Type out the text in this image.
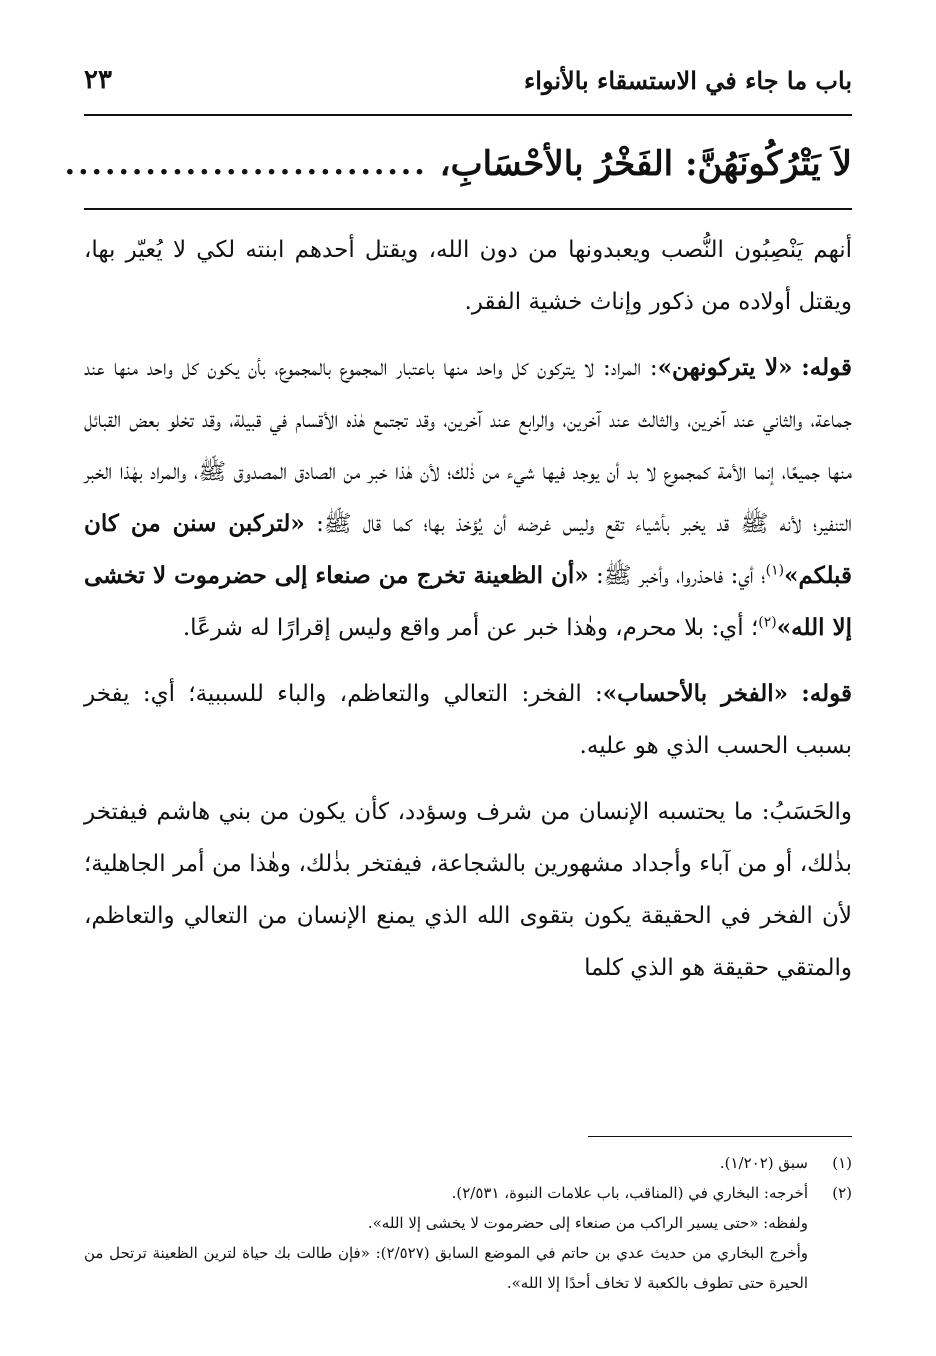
باب ما جاء في الاستسقاء بالأنواء
٢٣
لاَ يَتْرُكُونَهُنَّ: الفَخْرُ بالأحْسَابِ،
...........................

أنهم يَنْصِبُون النُّصب ويعبدونها من دون الله، ويقتل أحدهم ابنته لكي لا يُعيّر بها، ويقتل أولاده من ذكور وإناث خشية الفقر.

قوله: «لا يتركونهن»: المراد: لا يتركون كل واحد منها باعتبار المجموع بالمجموع، بأن يكون كل واحد منها عند جماعة، والثاني عند آخرين، والثالث عند آخرين، والرابع عند آخرين، وقد تجتمع هٰذه الأقسام في قبيلة، وقد تخلو بعض القبائل منها جميعًا، إنما الأمة كمجموع لا بد أن يوجد فيها شيء من ذٰلك؛ لأن هٰذا خبر من الصادق المصدوق ﷺ، والمراد بهٰذا الخبر التنفير؛ لأنه ﷺ قد يخبر بأشياء تقع وليس غرضه أن يُؤخذ بها؛ كما قال ﷺ: «لتركبن سنن من كان قبلكم»$^{(١)}$؛ أي: فاحذروا، وأخبر ﷺ: «أن الظعينة تخرج من صنعاء إلى حضرموت لا تخشى إلا الله»$^{(٢)}$؛ أي: بلا محرم، وهٰذا خبر عن أمر واقع وليس إقرارًا له شرعًا.

قوله: «الفخر بالأحساب»: الفخر: التعالي والتعاظم، والباء للسببية؛ أي: يفخر بسبب الحسب الذي هو عليه.

والحَسَبُ: ما يحتسبه الإنسان من شرف وسؤدد، كأن يكون من بني هاشم فيفتخر بذٰلك، أو من آباء وأجداد مشهورين بالشجاعة، فيفتخر بذٰلك، وهٰذا من أمر الجاهلية؛ لأن الفخر في الحقيقة يكون بتقوى الله الذي يمنع الإنسان من التعالي والتعاظم، والمتقي حقيقة هو الذي كلما

(١)
سبق (١/٢٠٢).
(٢)
أخرجه: البخاري في (المناقب، باب علامات النبوة، ٢/٥٣١).
ولفظه: «حتى يسير الراكب من صنعاء إلى حضرموت لا يخشى إلا الله».
وأخرج البخاري من حديث عدي بن حاتم في الموضع السابق (٢/٥٢٧): «فإن طالت بك حياة لترين الظعينة ترتحل من الحيرة حتى تطوف بالكعبة لا تخاف أحدًا إلا الله».
